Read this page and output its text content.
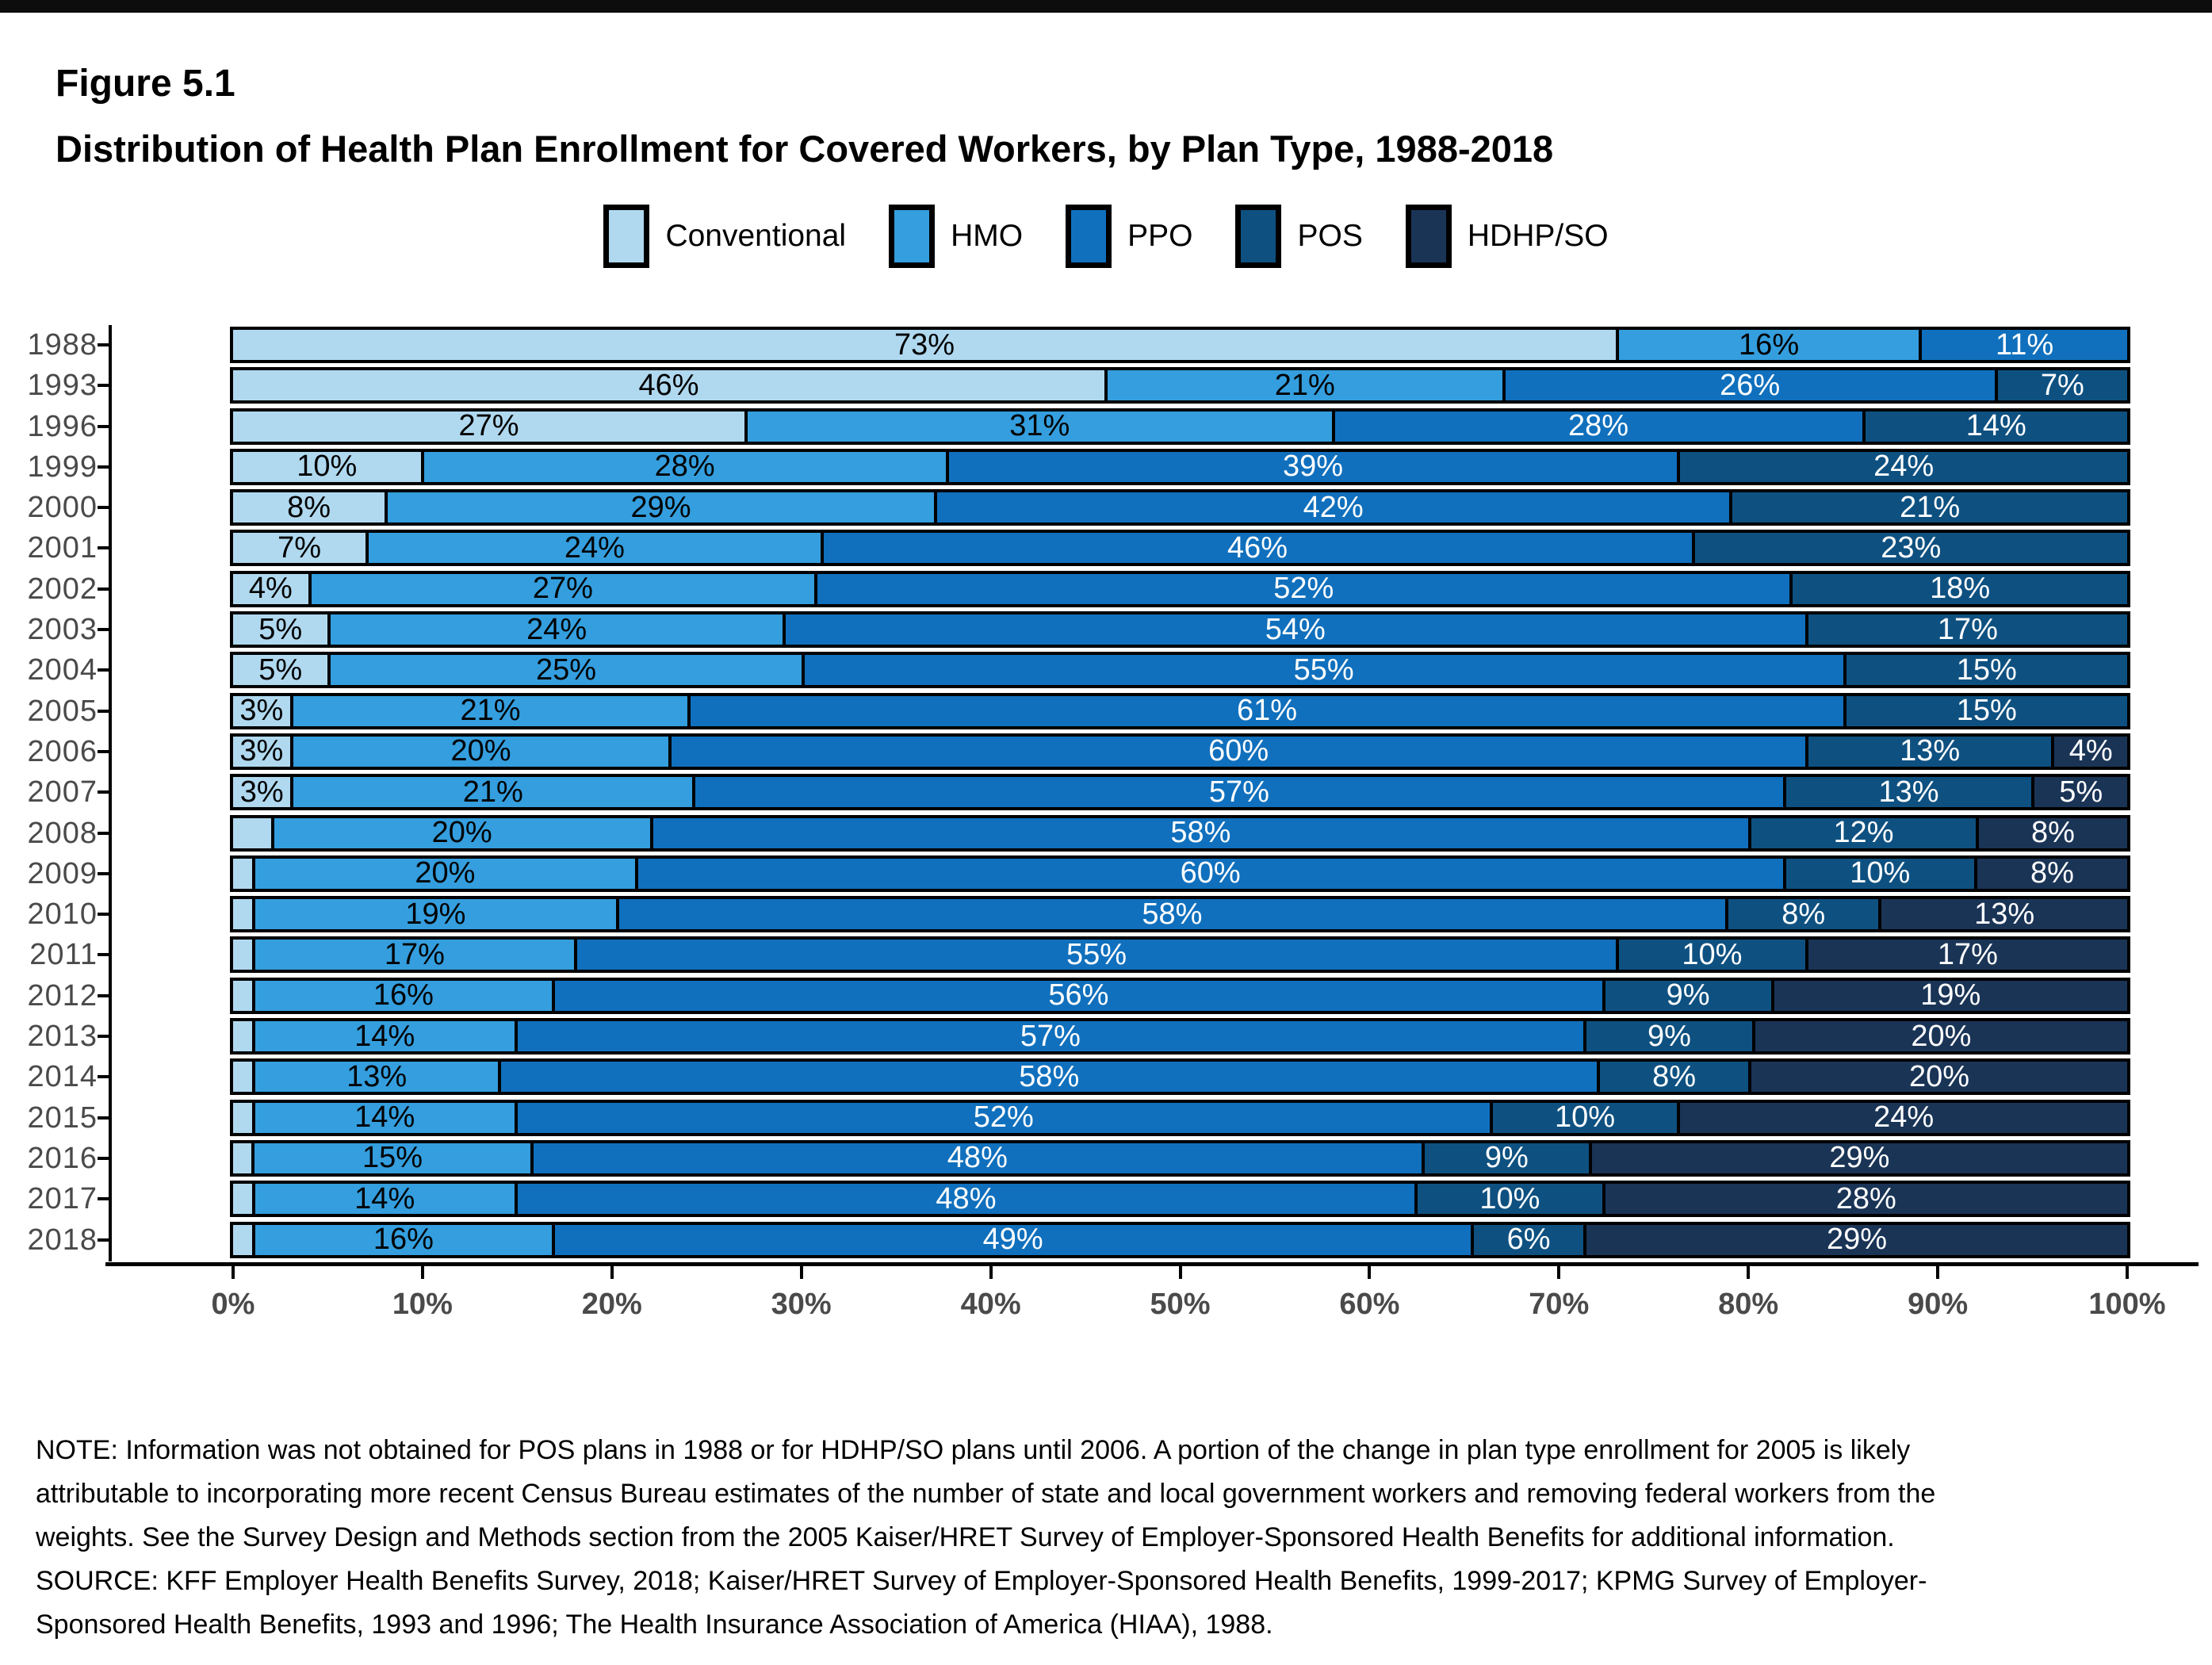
Figure 5.1
Distribution of Health Plan Enrollment for Covered Workers, by Plan Type, 1988-2018
Conventional	HMO	PPO	POS	HDHP/SO
1988	73%	16%	11%
1993	46%	21%	26%	7%
1996	27%	31%	28%	14%
1999	10%	28%	39%	24%
2000	8%	29%	42%	21%
2001	7%	24%	46%	23%
2002	4%	27%	52%	18%
2003	5%	24%	54%	17%
2004	5%	25%	55%	15%
2005	3%	21%	61%	15%
2006	3%	20%	60%	13%	4%
2007	3%	21%	57%	13%	5%
2008	20%	58%	12%	8%
2009	20%	60%	10%	8%
2010	19%	58%	8%	13%
2011	17%	55%	10%	17%
2012	16%	56%	9%	19%
2013	14%	57%	9%	20%
2014	13%	58%	8%	20%
2015	14%	52%	10%	24%
2016	15%	48%	9%	29%
2017	14%	48%	10%	28%
2018	16%	49%	6%	29%
0%	10%	20%	30%	40%	50%	60%	70%	80%	90%	100%

NOTE: Information was not obtained for POS plans in 1988 or for HDHP/SO plans until 2006. A portion of the change in plan type enrollment for 2005 is likely attributable to incorporating more recent Census Bureau estimates of the number of state and local government workers and removing federal workers from the weights. See the Survey Design and Methods section from the 2005 Kaiser/HRET Survey of Employer-Sponsored Health Benefits for additional information.

SOURCE: KFF Employer Health Benefits Survey, 2018; Kaiser/HRET Survey of Employer-Sponsored Health Benefits, 1999-2017; KPMG Survey of Employer-Sponsored Health Benefits, 1993 and 1996; The Health Insurance Association of America (HIAA), 1988.
